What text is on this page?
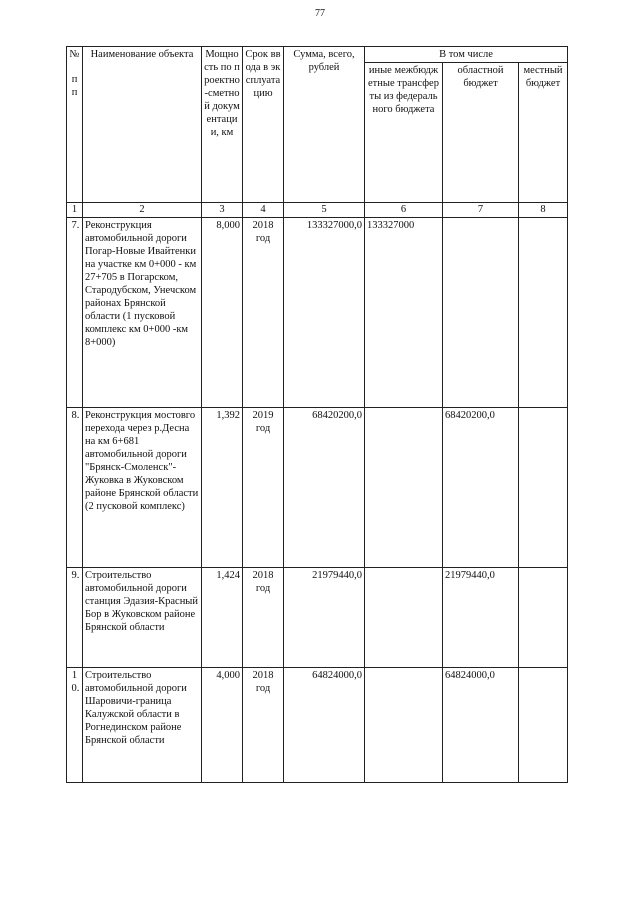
77
№
п п	Наименование объекта	Мощность по проектно-сметной документации, км	Срок ввода в эксплуатацию	Сумма, всего, рублей	В том числе		
					иные межбюджетные трансферты из федерального бюджета	областной бюджет	местный бюджет
1	2	3	4	5	6	7	8

7.	Реконструкция автомобильной дороги Погар-Новые Ивайтенки на участке км 0+000 - км 27+705 в Погарском, Стародубском, Унечском районах Брянской области (1 пусковой комплекс км 0+000 -км 8+000)	8,000	2018 год	133327000,0	133327000		

8.	Реконструкция мостовго перехода через р.Десна на км 6+681 автомобильной дороги "Брянск-Смоленск"-Жуковка в Жуковском районе Брянской области (2 пусковой комплекс)	1,392	2019 год	68420200,0		68420200,0	

9.	Строительство автомобильной дороги станция Эдазия-Красный Бор в Жуковском районе Брянской области	1,424	2018 год	21979440,0		21979440,0	

10.	Строительство автомобильной дороги Шаровичи-граница Калужской области в Рогнединском районе Брянской области	4,000	2018 год	64824000,0		64824000,0	
